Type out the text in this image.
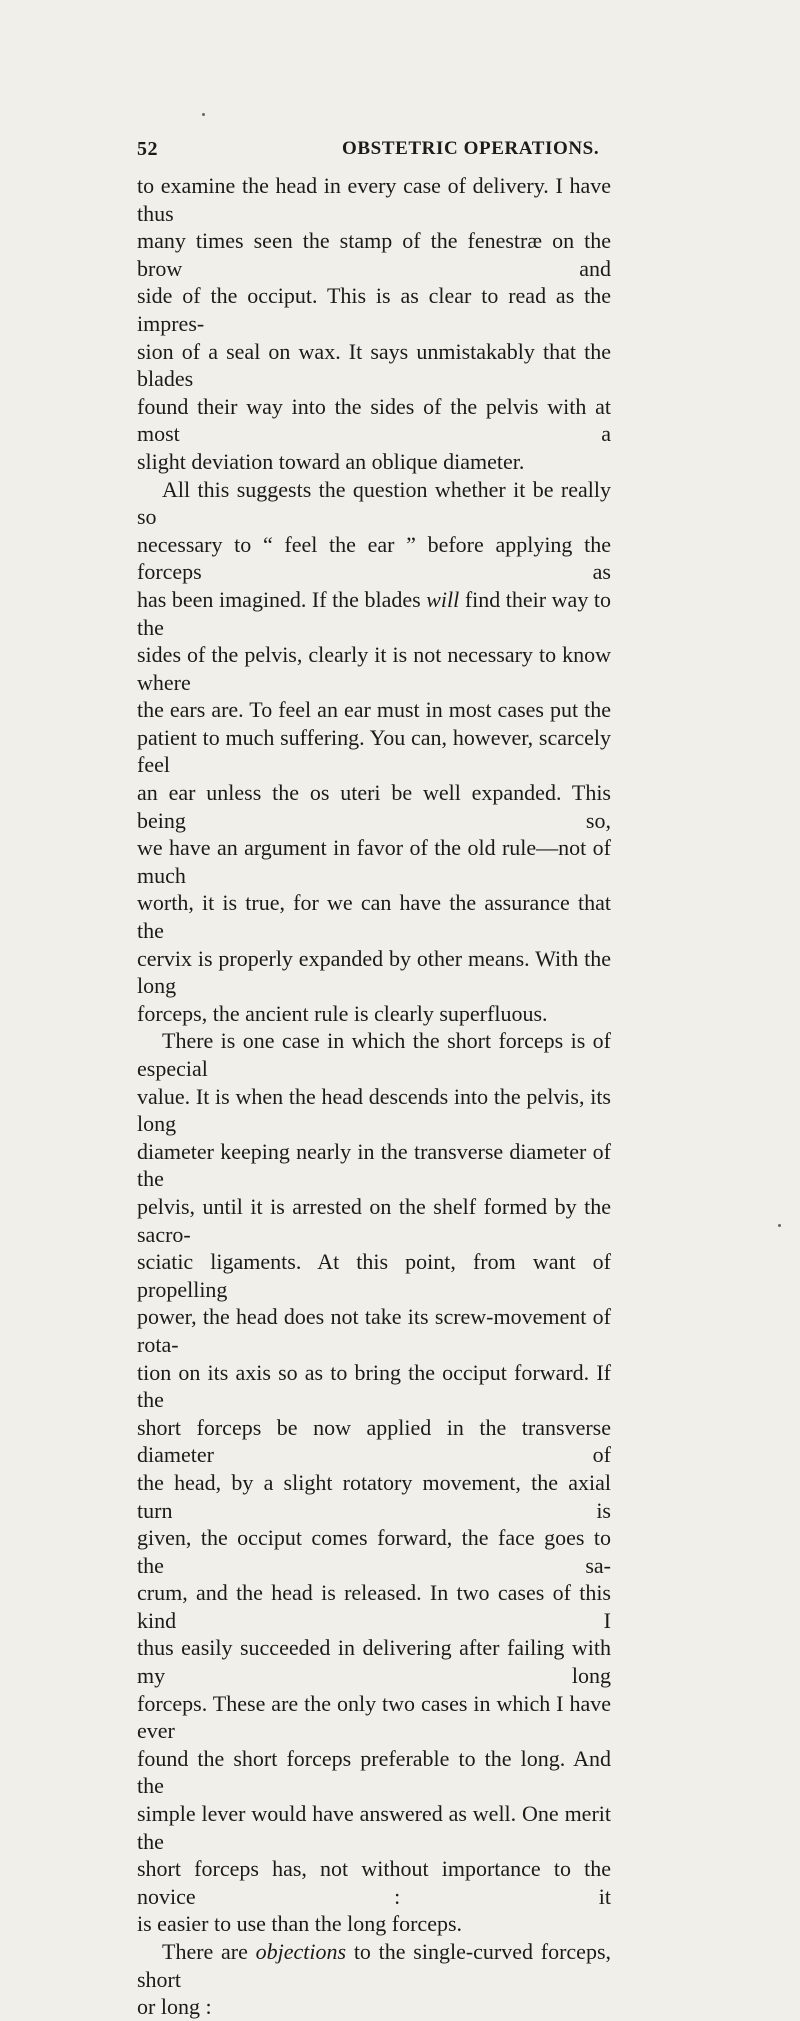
52	OBSTETRIC OPERATIONS.

to examine the head in every case of delivery. I have thus

many times seen the stamp of the fenestræ on the brow and

side of the occiput. This is as clear to read as the impres-

sion of a seal on wax. It says unmistakably that the blades

found their way into the sides of the pelvis with at most a

slight deviation toward an oblique diameter.

All this suggests the question whether it be really so

necessary to “ feel the ear ” before applying the forceps as

has been imagined. If the blades will find their way to the

sides of the pelvis, clearly it is not necessary to know where

the ears are. To feel an ear must in most cases put the

patient to much suffering. You can, however, scarcely feel

an ear unless the os uteri be well expanded. This being so,

we have an argument in favor of the old rule—not of much

worth, it is true, for we can have the assurance that the

cervix is properly expanded by other means. With the long

forceps, the ancient rule is clearly superfluous.

There is one case in which the short forceps is of especial

value. It is when the head descends into the pelvis, its long

diameter keeping nearly in the transverse diameter of the

pelvis, until it is arrested on the shelf formed by the sacro-

sciatic ligaments. At this point, from want of propelling

power, the head does not take its screw-movement of rota-

tion on its axis so as to bring the occiput forward. If the

short forceps be now applied in the transverse diameter of

the head, by a slight rotatory movement, the axial turn is

given, the occiput comes forward, the face goes to the sa-

crum, and the head is released. In two cases of this kind I

thus easily succeeded in delivering after failing with my long

forceps. These are the only two cases in which I have ever

found the short forceps preferable to the long. And the

simple lever would have answered as well. One merit the

short forceps has, not without importance to the novice : it

is easier to use than the long forceps.

There are objections to the single-curved forceps, short

or long :
